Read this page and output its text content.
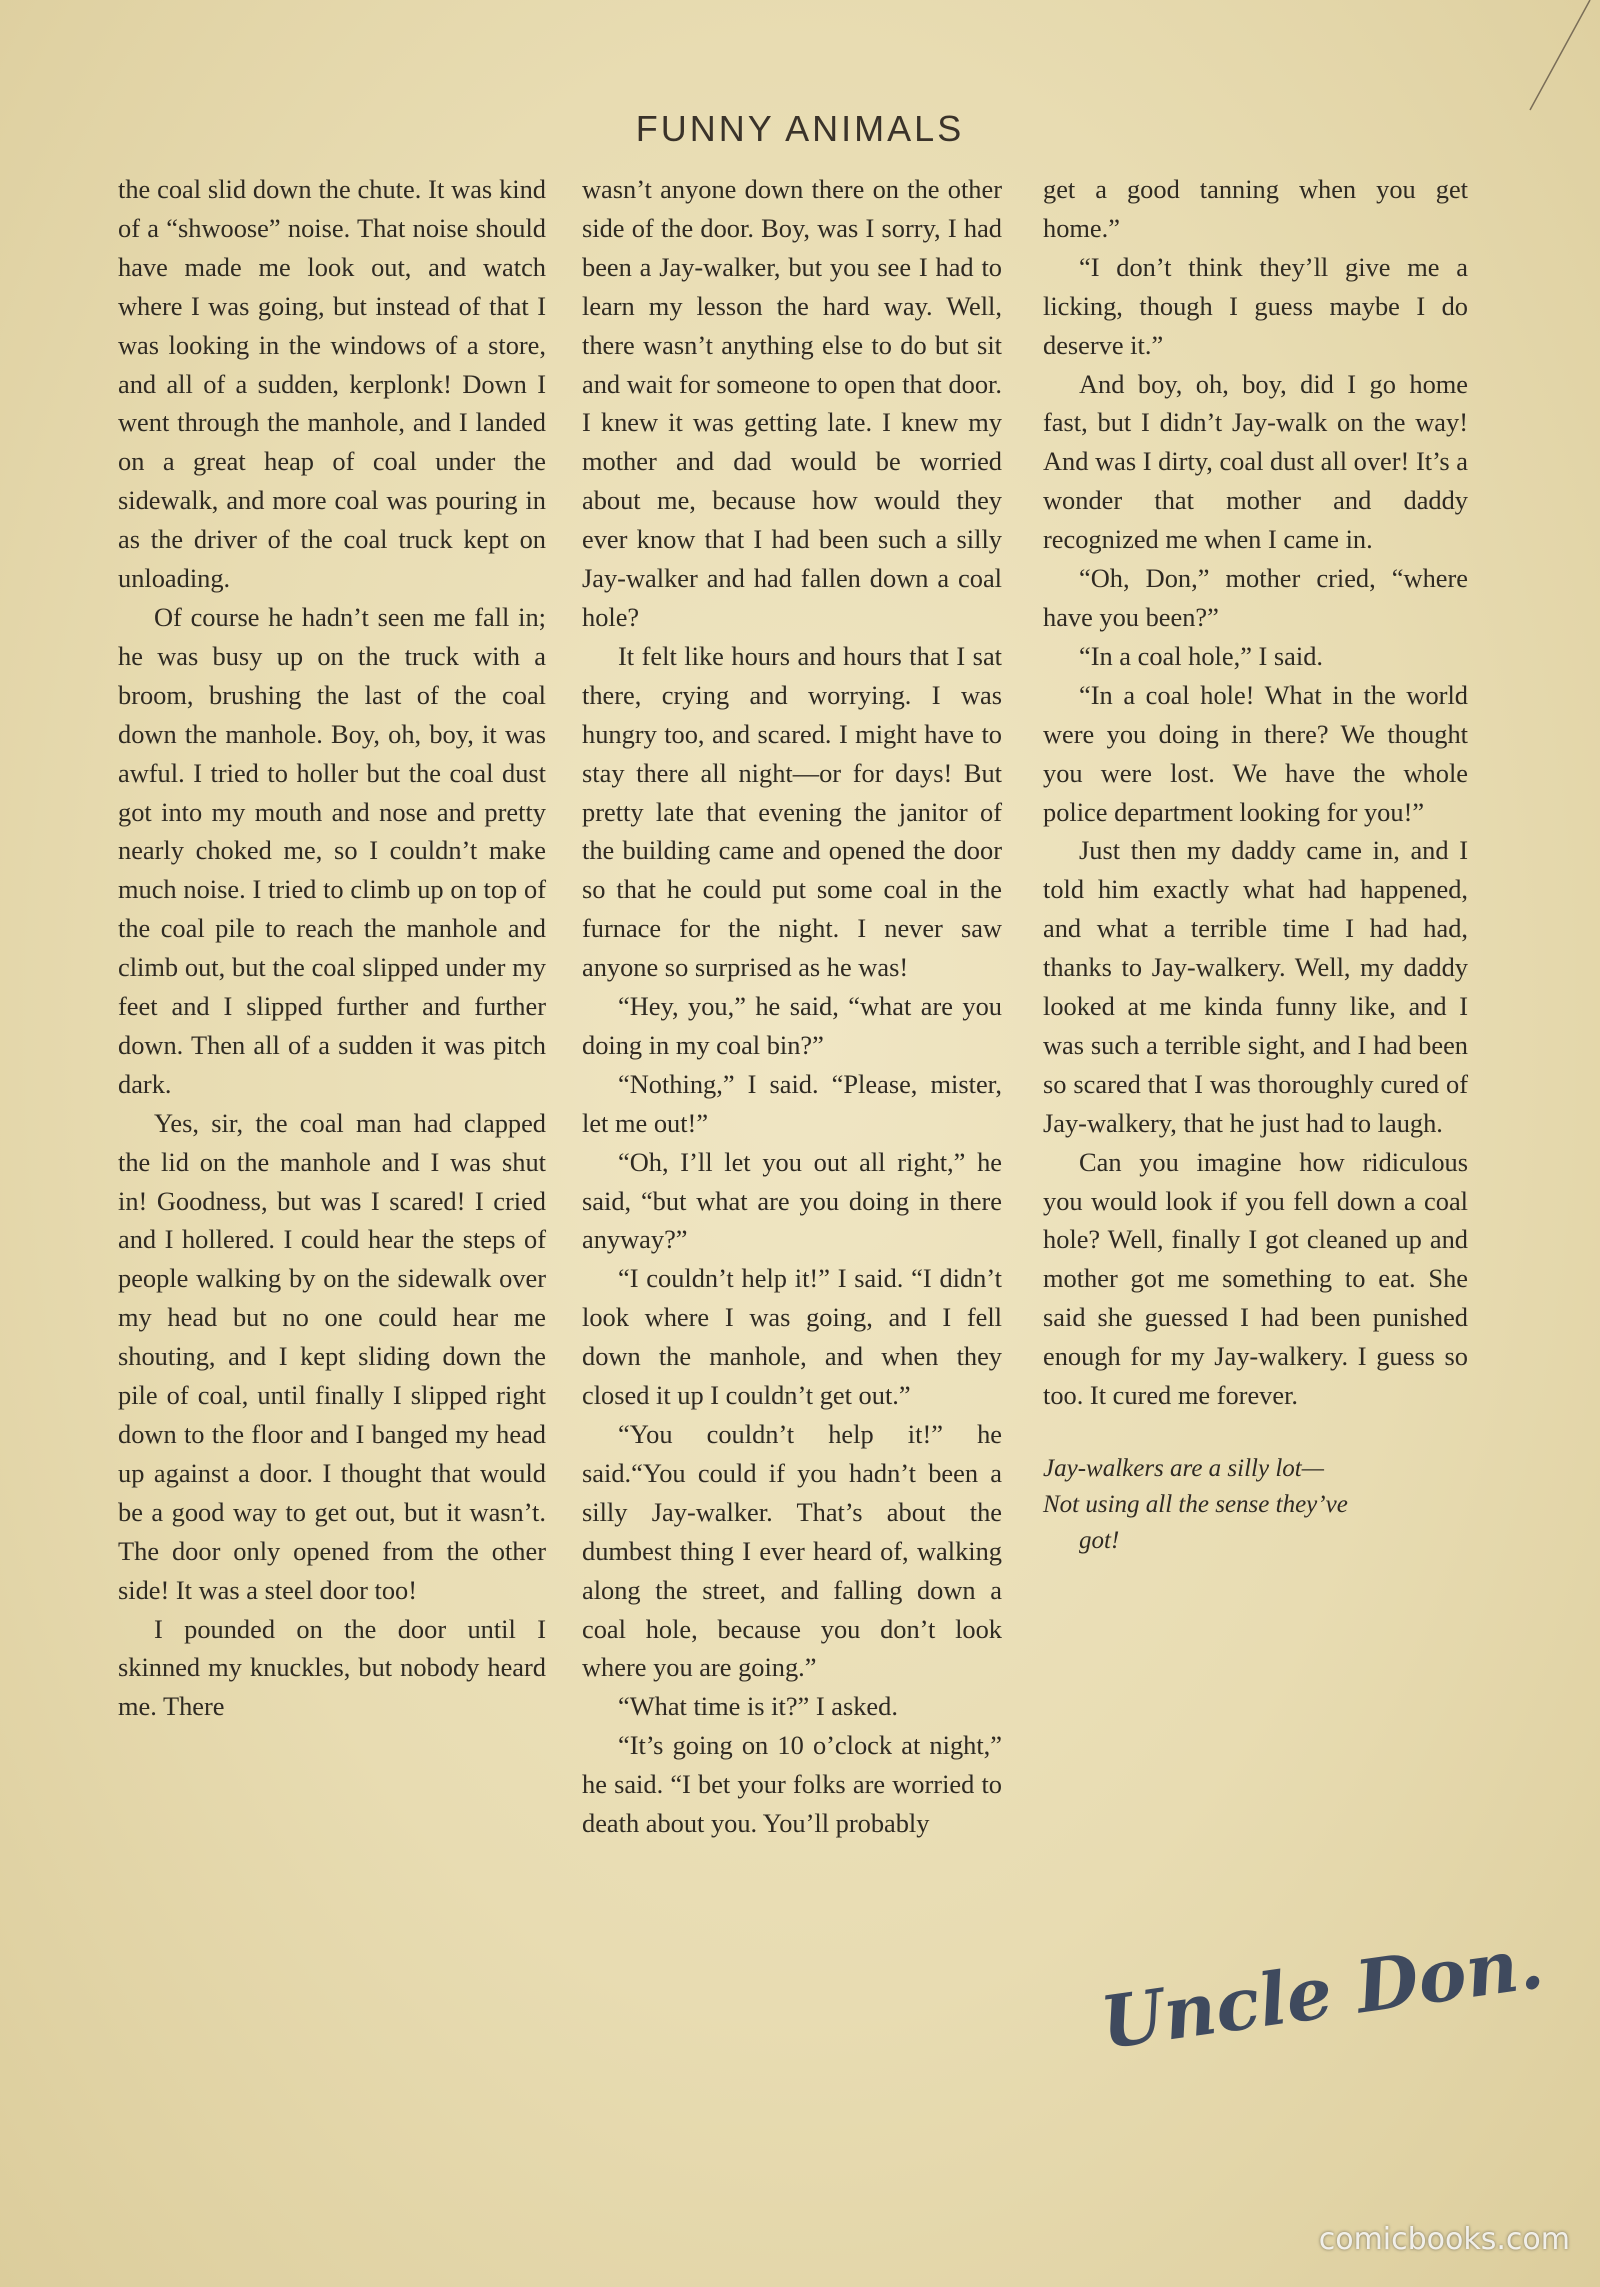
FUNNY ANIMALS

the coal slid down the chute. It was kind of a “shwoose” noise. That noise should have made me look out, and watch where I was going, but instead of that I was looking in the windows of a store, and all of a sudden, kerplonk! Down I went through the manhole, and I landed on a great heap of coal under the sidewalk, and more coal was pouring in as the driver of the coal truck kept on unloading.

Of course he hadn’t seen me fall in; he was busy up on the truck with a broom, brushing the last of the coal down the manhole. Boy, oh, boy, it was awful. I tried to holler but the coal dust got into my mouth and nose and pretty nearly choked me, so I couldn’t make much noise. I tried to climb up on top of the coal pile to reach the manhole and climb out, but the coal slipped under my feet and I slipped further and further down. Then all of a sudden it was pitch dark.

Yes, sir, the coal man had clapped the lid on the manhole and I was shut in! Goodness, but was I scared! I cried and I hollered. I could hear the steps of people walking by on the sidewalk over my head but no one could hear me shouting, and I kept sliding down the pile of coal, until finally I slipped right down to the floor and I banged my head up against a door. I thought that would be a good way to get out, but it wasn’t. The door only opened from the other side! It was a steel door too!

I pounded on the door until I skinned my knuckles, but nobody heard me. There

wasn’t anyone down there on the other side of the door. Boy, was I sorry, I had been a Jay-walker, but you see I had to learn my lesson the hard way. Well, there wasn’t anything else to do but sit and wait for someone to open that door. I knew it was getting late. I knew my mother and dad would be worried about me, because how would they ever know that I had been such a silly Jay-walker and had fallen down a coal hole?

It felt like hours and hours that I sat there, crying and worrying. I was hungry too, and scared. I might have to stay there all night—or for days! But pretty late that evening the janitor of the building came and opened the door so that he could put some coal in the furnace for the night. I never saw anyone so surprised as he was!

“Hey, you,” he said, “what are you doing in my coal bin?”

“Nothing,” I said. “Please, mister, let me out!”

“Oh, I’ll let you out all right,” he said, “but what are you doing in there anyway?”

“I couldn’t help it!” I said. “I didn’t look where I was going, and I fell down the manhole, and when they closed it up I couldn’t get out.”

“You couldn’t help it!” he said.“You could if you hadn’t been a silly Jay-walker. That’s about the dumbest thing I ever heard of, walking along the street, and falling down a coal hole, because you don’t look where you are going.”

“What time is it?” I asked.

“It’s going on 10 o’clock at night,” he said. “I bet your folks are worried to death about you. You’ll probably

get a good tanning when you get home.”

“I don’t think they’ll give me a licking, though I guess maybe I do deserve it.”

And boy, oh, boy, did I go home fast, but I didn’t Jay-walk on the way! And was I dirty, coal dust all over! It’s a wonder that mother and daddy recognized me when I came in.

“Oh, Don,” mother cried, “where have you been?”

“In a coal hole,” I said.

“In a coal hole! What in the world were you doing in there? We thought you were lost. We have the whole police department looking for you!”

Just then my daddy came in, and I told him exactly what had happened, and what a terrible time I had had, thanks to Jay-walkery. Well, my daddy looked at me kinda funny like, and I was such a terrible sight, and I had been so scared that I was thoroughly cured of Jay-walkery, that he just had to laugh.

Can you imagine how ridiculous you would look if you fell down a coal hole? Well, finally I got cleaned up and mother got me something to eat. She said she guessed I had been punished enough for my Jay-walkery. I guess so too. It cured me forever.

Jay-walkers are a silly lot—
Not using all the sense they’ve
got!
Uncle Don.
comicbooks.com
